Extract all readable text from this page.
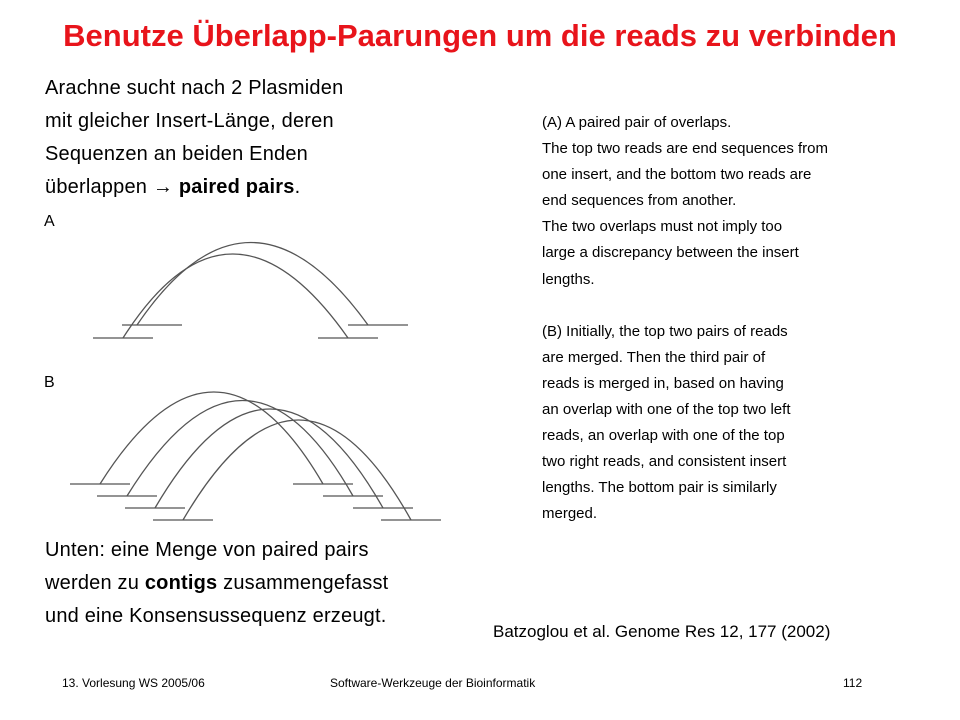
Benutze Überlapp-Paarungen um die reads zu verbinden
Arachne sucht nach 2 Plasmiden
mit gleicher Insert-Länge, deren
Sequenzen an beiden Enden
überlappen → paired pairs.
A
B
(A) A paired pair of overlaps.
The top two reads are end sequences from
one insert, and the bottom two reads are
end sequences from another.
The two overlaps must not imply too
large a discrepancy between the insert
lengths.
(B) Initially, the top two pairs of reads
are merged. Then the third pair of
reads is merged in, based on having
an overlap with one of the top two left
reads, an overlap with one of the top
two right reads, and consistent insert
lengths. The bottom pair is similarly
merged.
Unten: eine Menge von paired pairs
werden zu contigs zusammengefasst
und eine Konsensussequenz erzeugt.
Batzoglou et al. Genome Res 12, 177 (2002)
13. Vorlesung WS 2005/06	Software-Werkzeuge der Bioinformatik	112
